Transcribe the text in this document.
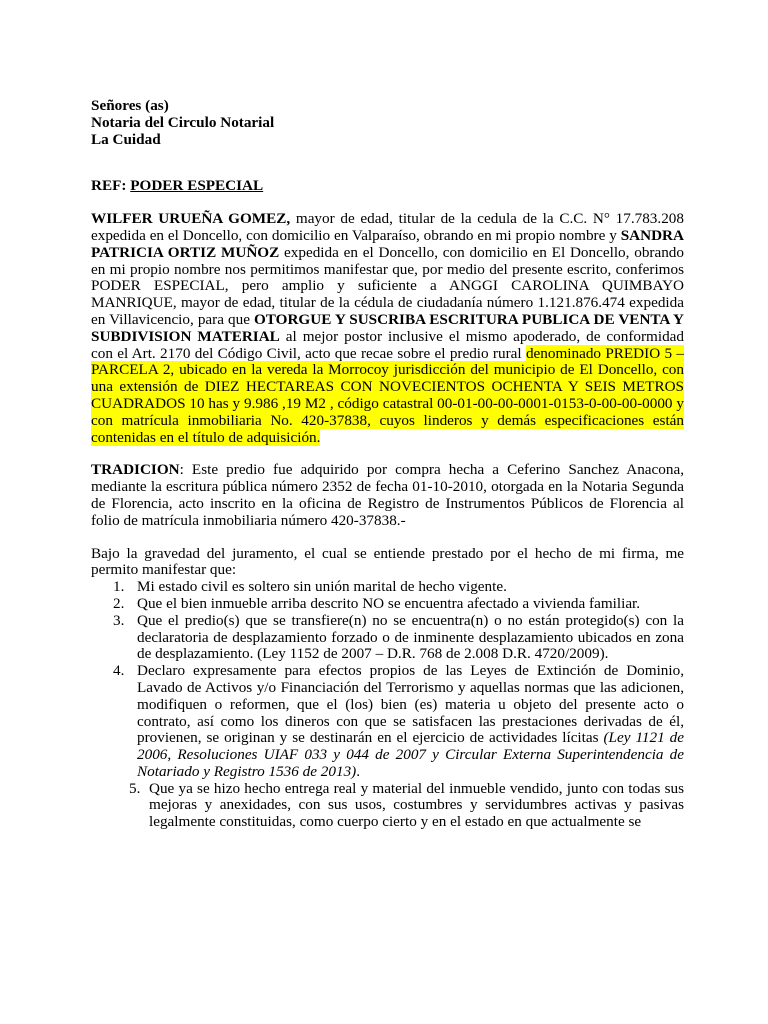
Señores (as)

Notaria del Circulo Notarial

La Cuidad

REF: PODER ESPECIAL

WILFER URUEÑA GOMEZ, mayor de edad, titular de la cedula de la C.C. N° 17.783.208 expedida en el Doncello, con domicilio en Valparaíso, obrando en mi propio nombre y SANDRA PATRICIA ORTIZ MUÑOZ expedida en el Doncello, con domicilio en El Doncello, obrando en mi propio nombre nos permitimos manifestar que, por medio del presente escrito, conferimos PODER ESPECIAL, pero amplio y suficiente a ANGGI CAROLINA QUIMBAYO MANRIQUE, mayor de edad, titular de la cédula de ciudadanía número 1.121.876.474 expedida en Villavicencio, para que OTORGUE Y SUSCRIBA ESCRITURA PUBLICA DE VENTA Y SUBDIVISION MATERIAL al mejor postor inclusive el mismo apoderado, de conformidad con el Art. 2170 del Código Civil, acto que recae sobre el predio rural denominado PREDIO 5 – PARCELA 2, ubicado en la vereda la Morrocoy jurisdicción del municipio de El Doncello, con una extensión de DIEZ HECTAREAS CON NOVECIENTOS OCHENTA Y SEIS METROS CUADRADOS 10 has y 9.986 ,19 M2 , código catastral 00-01-00-00-0001-0153-0-00-00-0000 y con matrícula inmobiliaria No. 420-37838, cuyos linderos y demás especificaciones están contenidas en el título de adquisición.

TRADICION: Este predio fue adquirido por compra hecha a Ceferino Sanchez Anacona, mediante la escritura pública número 2352 de fecha 01-10-2010, otorgada en la Notaria Segunda de Florencia, acto inscrito en la oficina de Registro de Instrumentos Públicos de Florencia al folio de matrícula inmobiliaria número 420-37838.-

Bajo la gravedad del juramento, el cual se entiende prestado por el hecho de mi firma, me permito manifestar que:

1. Mi estado civil es soltero sin unión marital de hecho vigente.
2. Que el bien inmueble arriba descrito NO se encuentra afectado a vivienda familiar.
3. Que el predio(s) que se transfiere(n) no se encuentra(n) o no están protegido(s) con la declaratoria de desplazamiento forzado o de inminente desplazamiento ubicados en zona de desplazamiento. (Ley 1152 de 2007 – D.R. 768 de 2.008 D.R. 4720/2009).
4. Declaro expresamente para efectos propios de las Leyes de Extinción de Dominio, Lavado de Activos y/o Financiación del Terrorismo y aquellas normas que las adicionen, modifiquen o reformen, que el (los) bien (es) materia u objeto del presente acto o contrato, así como los dineros con que se satisfacen las prestaciones derivadas de él, provienen, se originan y se destinarán en el ejercicio de actividades lícitas (Ley 1121 de 2006, Resoluciones UIAF 033 y 044 de 2007 y Circular Externa Superintendencia de Notariado y Registro 1536 de 2013).
5. Que ya se hizo hecho entrega real y material del inmueble vendido, junto con todas sus mejoras y anexidades, con sus usos, costumbres y servidumbres activas y pasivas legalmente constituidas, como cuerpo cierto y en el estado en que actualmente se
